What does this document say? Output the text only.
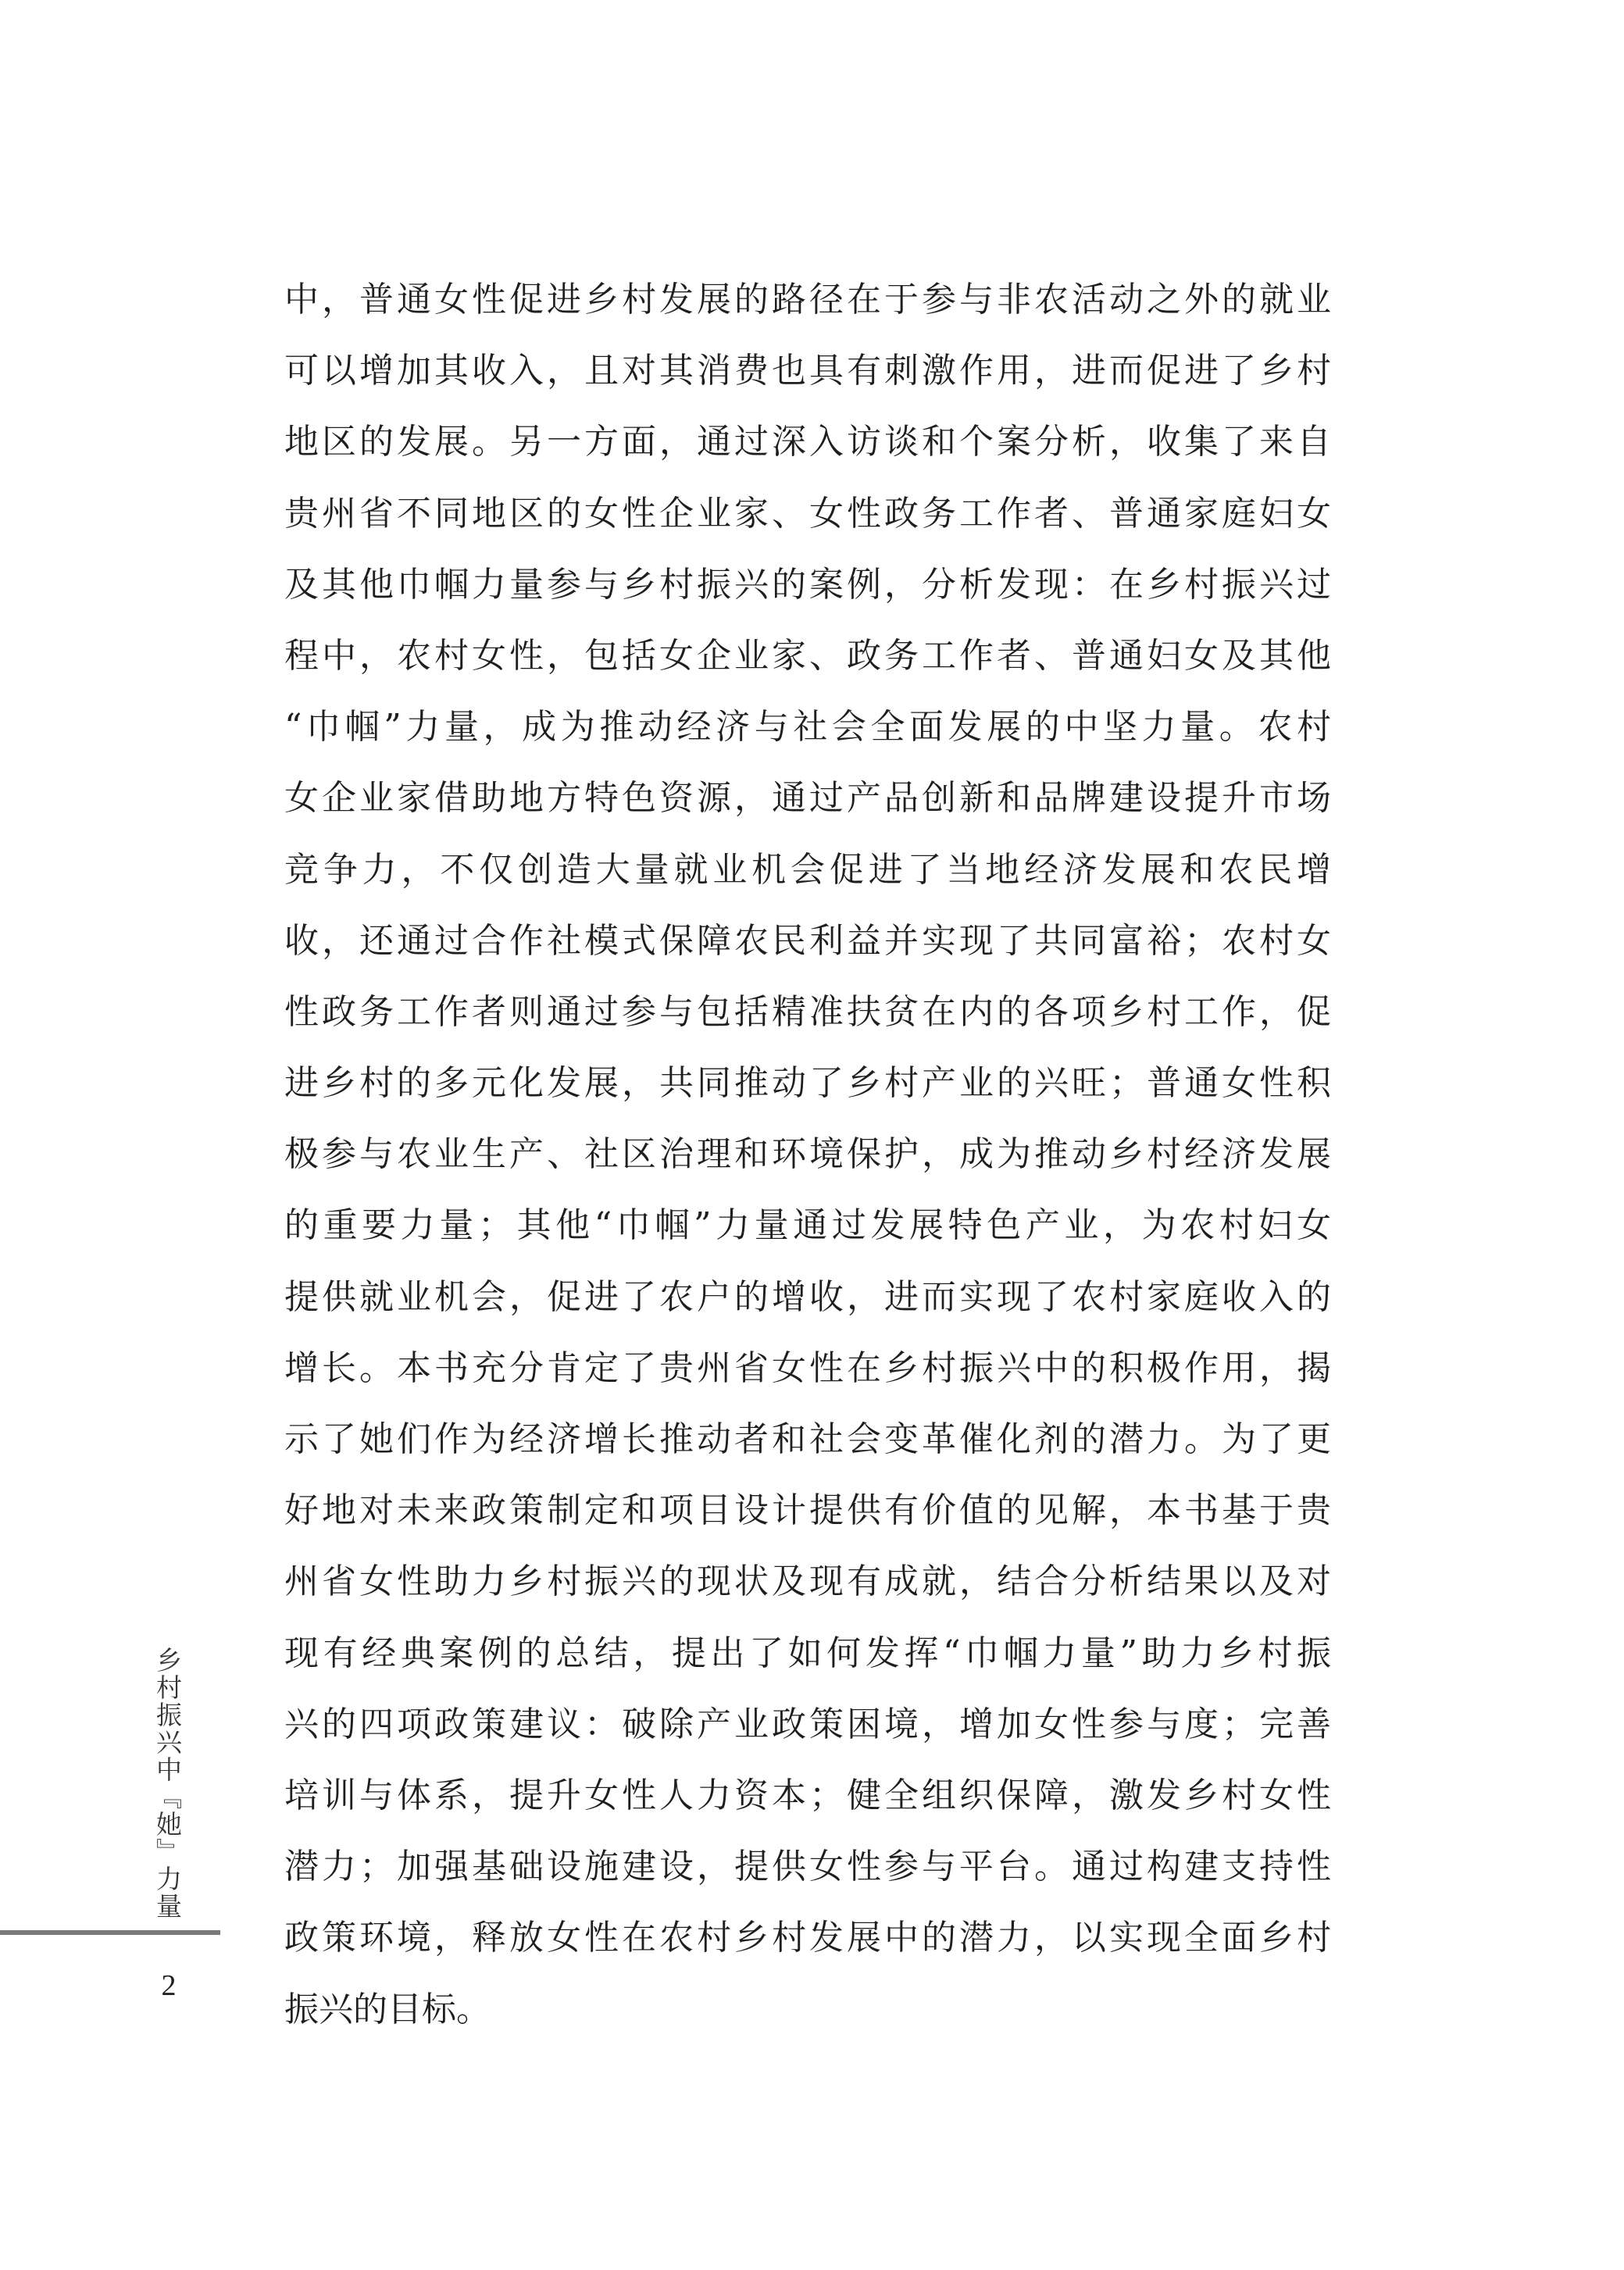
中，普通女性促进乡村发展的路径在于参与非农活动之外的就业
可以增加其收入，且对其消费也具有刺激作用，进而促进了乡村
地区的发展。另一方面，通过深入访谈和个案分析，收集了来自
贵州省不同地区的女性企业家、女性政务工作者、普通家庭妇女
及其他巾帼力量参与乡村振兴的案例，分析发现：在乡村振兴过
程中，农村女性，包括女企业家、政务工作者、普通妇女及其他
“巾帼”力量，成为推动经济与社会全面发展的中坚力量。农村
女企业家借助地方特色资源，通过产品创新和品牌建设提升市场
竞争力，不仅创造大量就业机会促进了当地经济发展和农民增
收，还通过合作社模式保障农民利益并实现了共同富裕；农村女
性政务工作者则通过参与包括精准扶贫在内的各项乡村工作，促
进乡村的多元化发展，共同推动了乡村产业的兴旺；普通女性积
极参与农业生产、社区治理和环境保护，成为推动乡村经济发展
的重要力量；其他“巾帼”力量通过发展特色产业，为农村妇女
提供就业机会，促进了农户的增收，进而实现了农村家庭收入的
增长。本书充分肯定了贵州省女性在乡村振兴中的积极作用，揭
示了她们作为经济增长推动者和社会变革催化剂的潜力。为了更
好地对未来政策制定和项目设计提供有价值的见解，本书基于贵
州省女性助力乡村振兴的现状及现有成就，结合分析结果以及对
现有经典案例的总结，提出了如何发挥“巾帼力量”助力乡村振
兴的四项政策建议：破除产业政策困境，增加女性参与度；完善
培训与体系，提升女性人力资本；健全组织保障，激发乡村女性
潜力；加强基础设施建设，提供女性参与平台。通过构建支持性
政策环境，释放女性在农村乡村发展中的潜力，以实现全面乡村
振兴的目标。
乡村振兴中『她』力量
2
